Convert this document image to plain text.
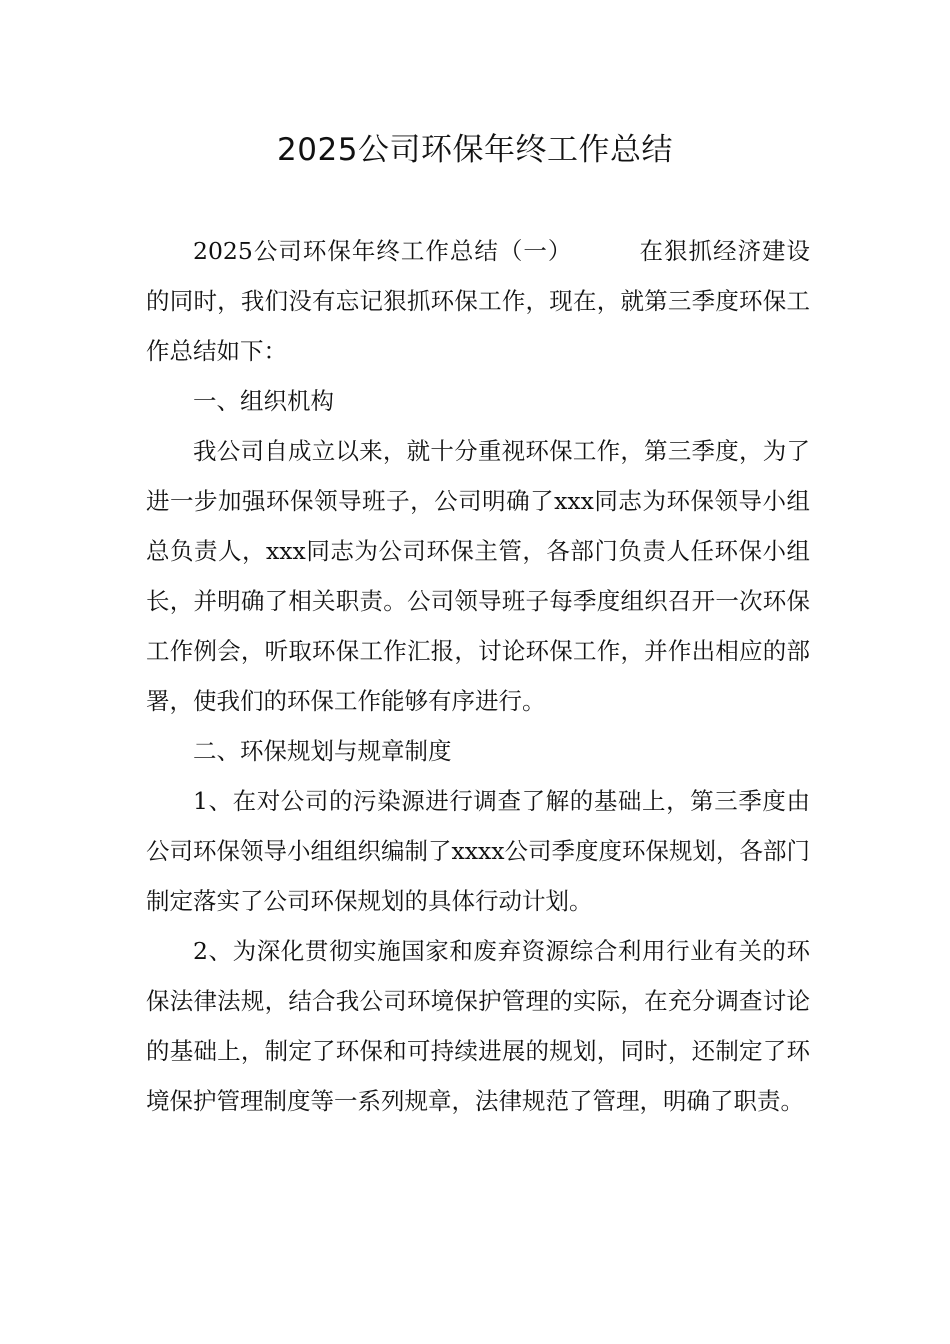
2025公司环保年终工作总结

2025公司环保年终工作总结（一）	在狠抓经济建设的同时，我们没有忘记狠抓环保工作，现在，就第三季度环保工作总结如下：

一、组织机构

我公司自成立以来，就十分重视环保工作，第三季度，为了进一步加强环保领导班子，公司明确了xxx同志为环保领导小组总负责人，xxx同志为公司环保主管，各部门负责人任环保小组长，并明确了相关职责。公司领导班子每季度组织召开一次环保工作例会，听取环保工作汇报，讨论环保工作，并作出相应的部署，使我们的环保工作能够有序进行。

二、环保规划与规章制度

1、在对公司的污染源进行调查了解的基础上，第三季度由公司环保领导小组组织编制了xxxx公司季度度环保规划，各部门制定落实了公司环保规划的具体行动计划。

2、为深化贯彻实施国家和废弃资源综合利用行业有关的环保法律法规，结合我公司环境保护管理的实际，在充分调查讨论的基础上，制定了环保和可持续进展的规划，同时，还制定了环境保护管理制度等一系列规章，法律规范了管理，明确了职责。
